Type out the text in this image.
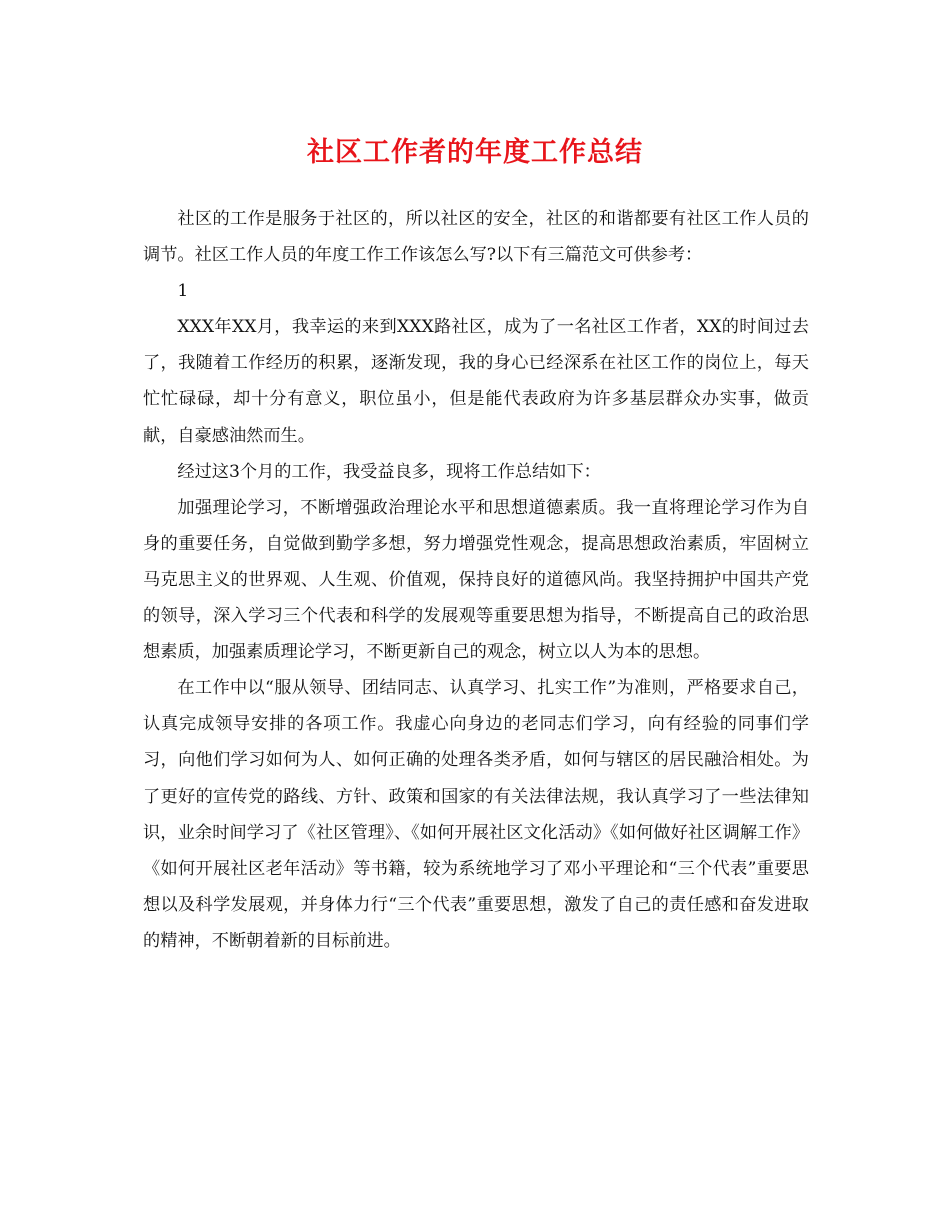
社区工作者的年度工作总结

社区的工作是服务于社区的，所以社区的安全，社区的和谐都要有社区工作人员的调节。社区工作人员的年度工作工作该怎么写?以下有三篇范文可供参考：

1

XXX年XX月，我幸运的来到XXX路社区，成为了一名社区工作者，XX的时间过去了，我随着工作经历的积累，逐渐发现，我的身心已经深系在社区工作的岗位上，每天忙忙碌碌，却十分有意义，职位虽小，但是能代表政府为许多基层群众办实事，做贡献，自豪感油然而生。

经过这3个月的工作，我受益良多，现将工作总结如下：

加强理论学习，不断增强政治理论水平和思想道德素质。我一直将理论学习作为自身的重要任务，自觉做到勤学多想，努力增强党性观念，提高思想政治素质，牢固树立马克思主义的世界观、人生观、价值观，保持良好的道德风尚。我坚持拥护中国共产党的领导，深入学习三个代表和科学的发展观等重要思想为指导，不断提高自己的政治思想素质，加强素质理论学习，不断更新自己的观念，树立以人为本的思想。

在工作中以“服从领导、团结同志、认真学习、扎实工作”为准则，严格要求自己，认真完成领导安排的各项工作。我虚心向身边的老同志们学习，向有经验的同事们学习，向他们学习如何为人、如何正确的处理各类矛盾，如何与辖区的居民融洽相处。为了更好的宣传党的路线、方针、政策和国家的有关法律法规，我认真学习了一些法律知识，业余时间学习了《社区管理》、《如何开展社区文化活动》《如何做好社区调解工作》《如何开展社区老年活动》等书籍，较为系统地学习了邓小平理论和“三个代表”重要思想以及科学发展观，并身体力行“三个代表”重要思想，激发了自己的责任感和奋发进取的精神，不断朝着新的目标前进。
